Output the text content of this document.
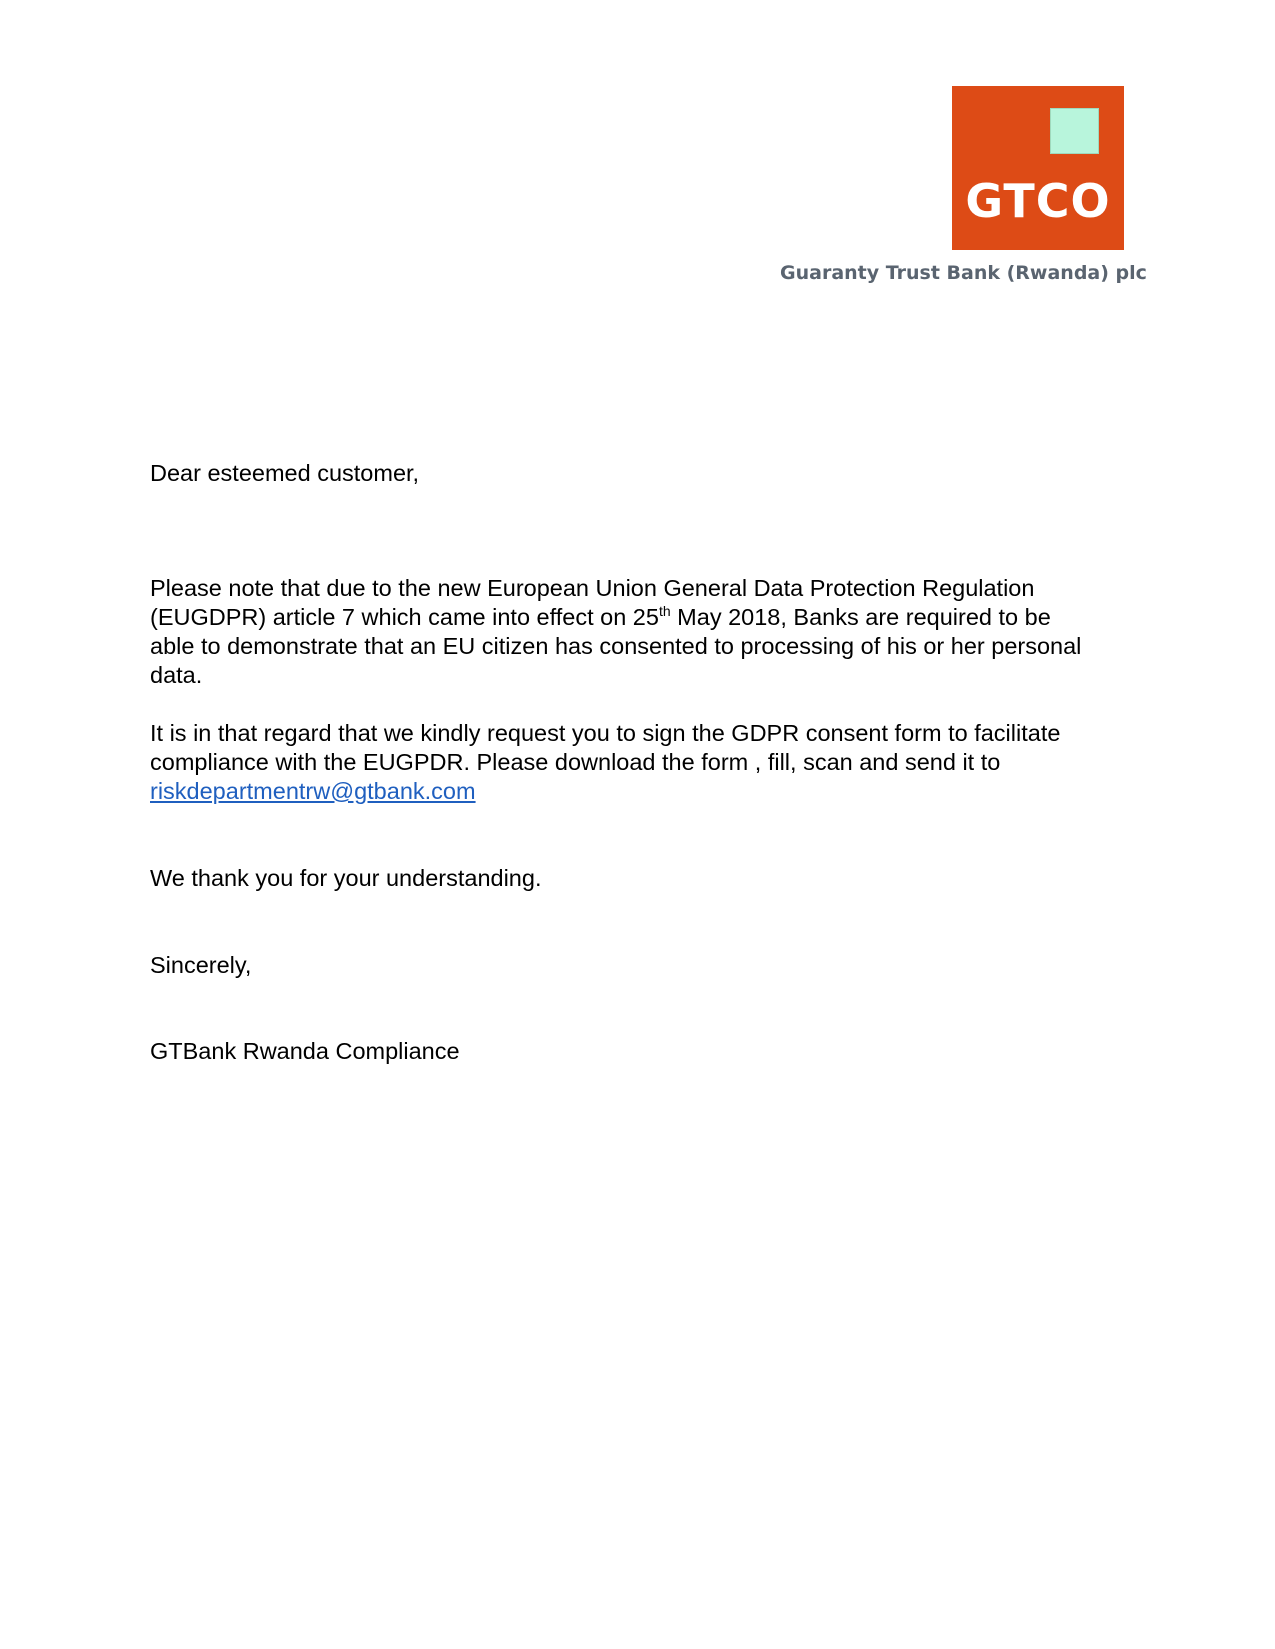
GTCO
Guaranty Trust Bank (Rwanda) plc
Dear esteemed customer,
Please note that due to the new European Union General Data Protection Regulation
(EUGDPR) article 7 which came into effect on 25th May 2018, Banks are required to be
able to demonstrate that an EU citizen has consented to processing of his or her personal
data.
It is in that regard that we kindly request you to sign the GDPR consent form to facilitate
compliance with the EUGPDR. Please download the form , fill, scan and send it to
riskdepartmentrw@gtbank.com
We thank you for your understanding.
Sincerely,
GTBank Rwanda Compliance
